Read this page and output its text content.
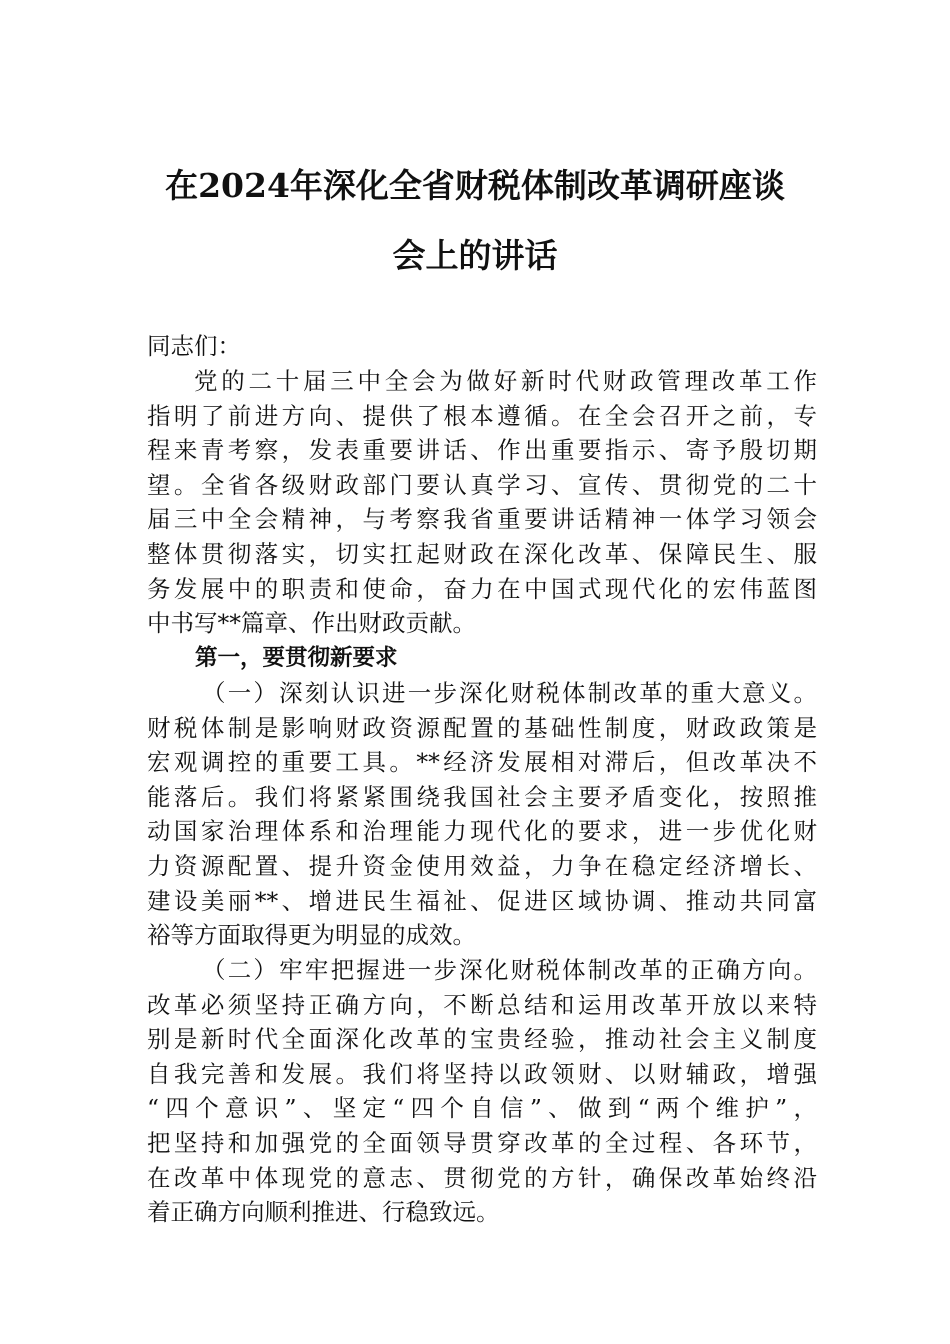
在2024年深化全省财税体制改革调研座谈
会上的讲话
同志们：
党的二十届三中全会为做好新时代财政管理改革工作
指明了前进方向、提供了根本遵循。在全会召开之前，专
程来青考察，发表重要讲话、作出重要指示、寄予殷切期
望。全省各级财政部门要认真学习、宣传、贯彻党的二十
届三中全会精神，与考察我省重要讲话精神一体学习领会
整体贯彻落实，切实扛起财政在深化改革、保障民生、服
务发展中的职责和使命，奋力在中国式现代化的宏伟蓝图
中书写**篇章、作出财政贡献。
第一，要贯彻新要求
（一）深刻认识进一步深化财税体制改革的重大意义。
财税体制是影响财政资源配置的基础性制度，财政政策是
宏观调控的重要工具。**经济发展相对滞后，但改革决不
能落后。我们将紧紧围绕我国社会主要矛盾变化，按照推
动国家治理体系和治理能力现代化的要求，进一步优化财
力资源配置、提升资金使用效益，力争在稳定经济增长、
建设美丽**、增进民生福祉、促进区域协调、推动共同富
裕等方面取得更为明显的成效。
（二）牢牢把握进一步深化财税体制改革的正确方向。
改革必须坚持正确方向，不断总结和运用改革开放以来特
别是新时代全面深化改革的宝贵经验，推动社会主义制度
自我完善和发展。我们将坚持以政领财、以财辅政，增强
“四个意识”、坚定“四个自信”、做到“两个维护”，
把坚持和加强党的全面领导贯穿改革的全过程、各环节，
在改革中体现党的意志、贯彻党的方针，确保改革始终沿
着正确方向顺利推进、行稳致远。
